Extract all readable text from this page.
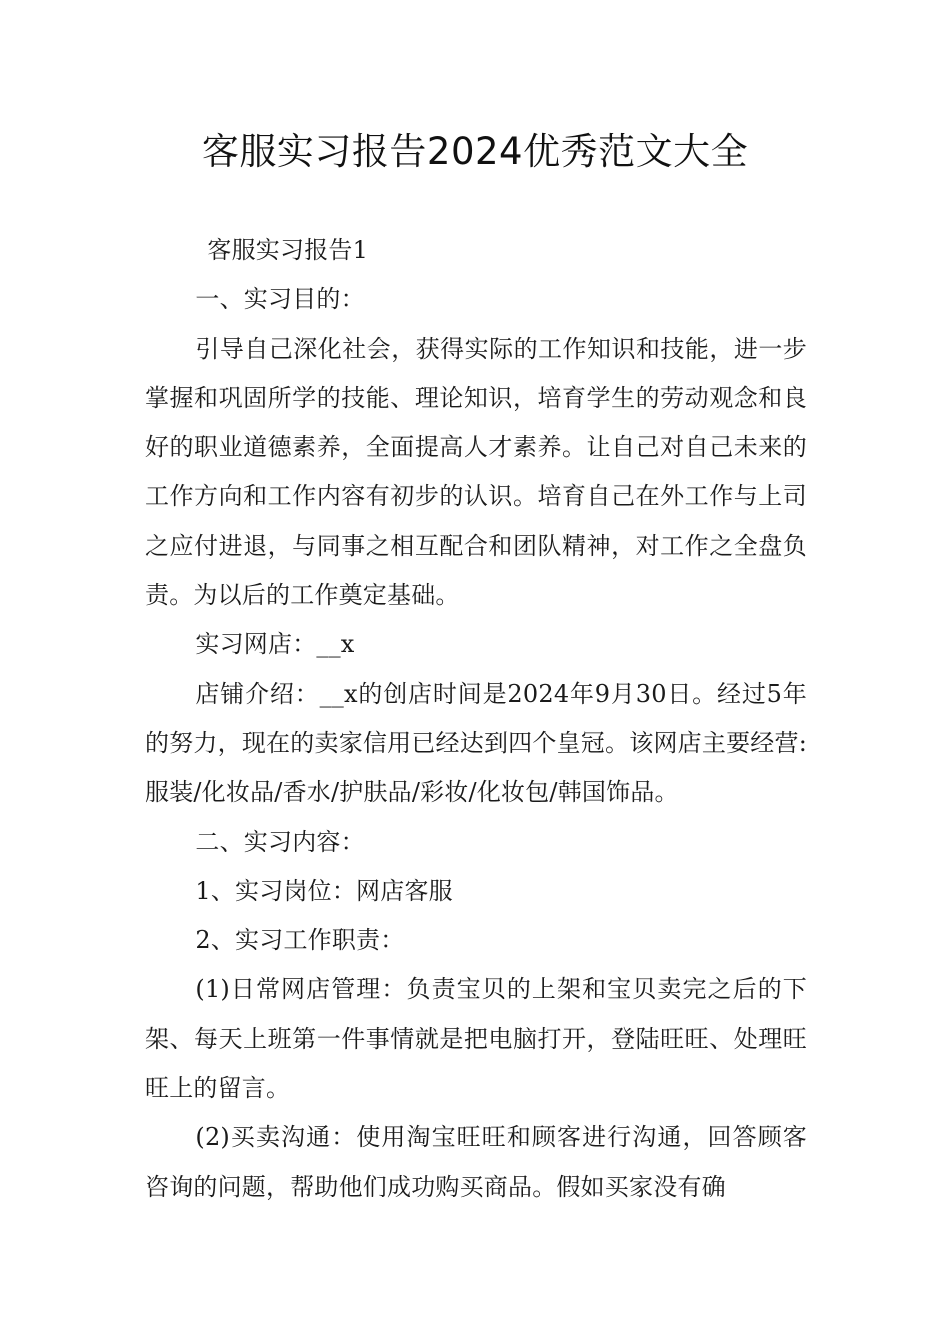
客服实习报告2024优秀范文大全

客服实习报告1

一、实习目的：

引导自己深化社会，获得实际的工作知识和技能，进一步掌握和巩固所学的技能、理论知识，培育学生的劳动观念和良好的职业道德素养，全面提高人才素养。让自己对自己未来的工作方向和工作内容有初步的认识。培育自己在外工作与上司之应付进退，与同事之相互配合和团队精神，对工作之全盘负责。为以后的工作奠定基础。

实习网店：__x

店铺介绍：__x的创店时间是2024年9月30日。经过5年的努力，现在的卖家信用已经达到四个皇冠。该网店主要经营:服装/化妆品/香水/护肤品/彩妆/化妆包/韩国饰品。

二、实习内容：

1、实习岗位：网店客服

2、实习工作职责：

(1)日常网店管理：负责宝贝的上架和宝贝卖完之后的下架、每天上班第一件事情就是把电脑打开，登陆旺旺、处理旺旺上的留言。

(2)买卖沟通：使用淘宝旺旺和顾客进行沟通，回答顾客咨询的问题，帮助他们成功购买商品。假如买家没有确
